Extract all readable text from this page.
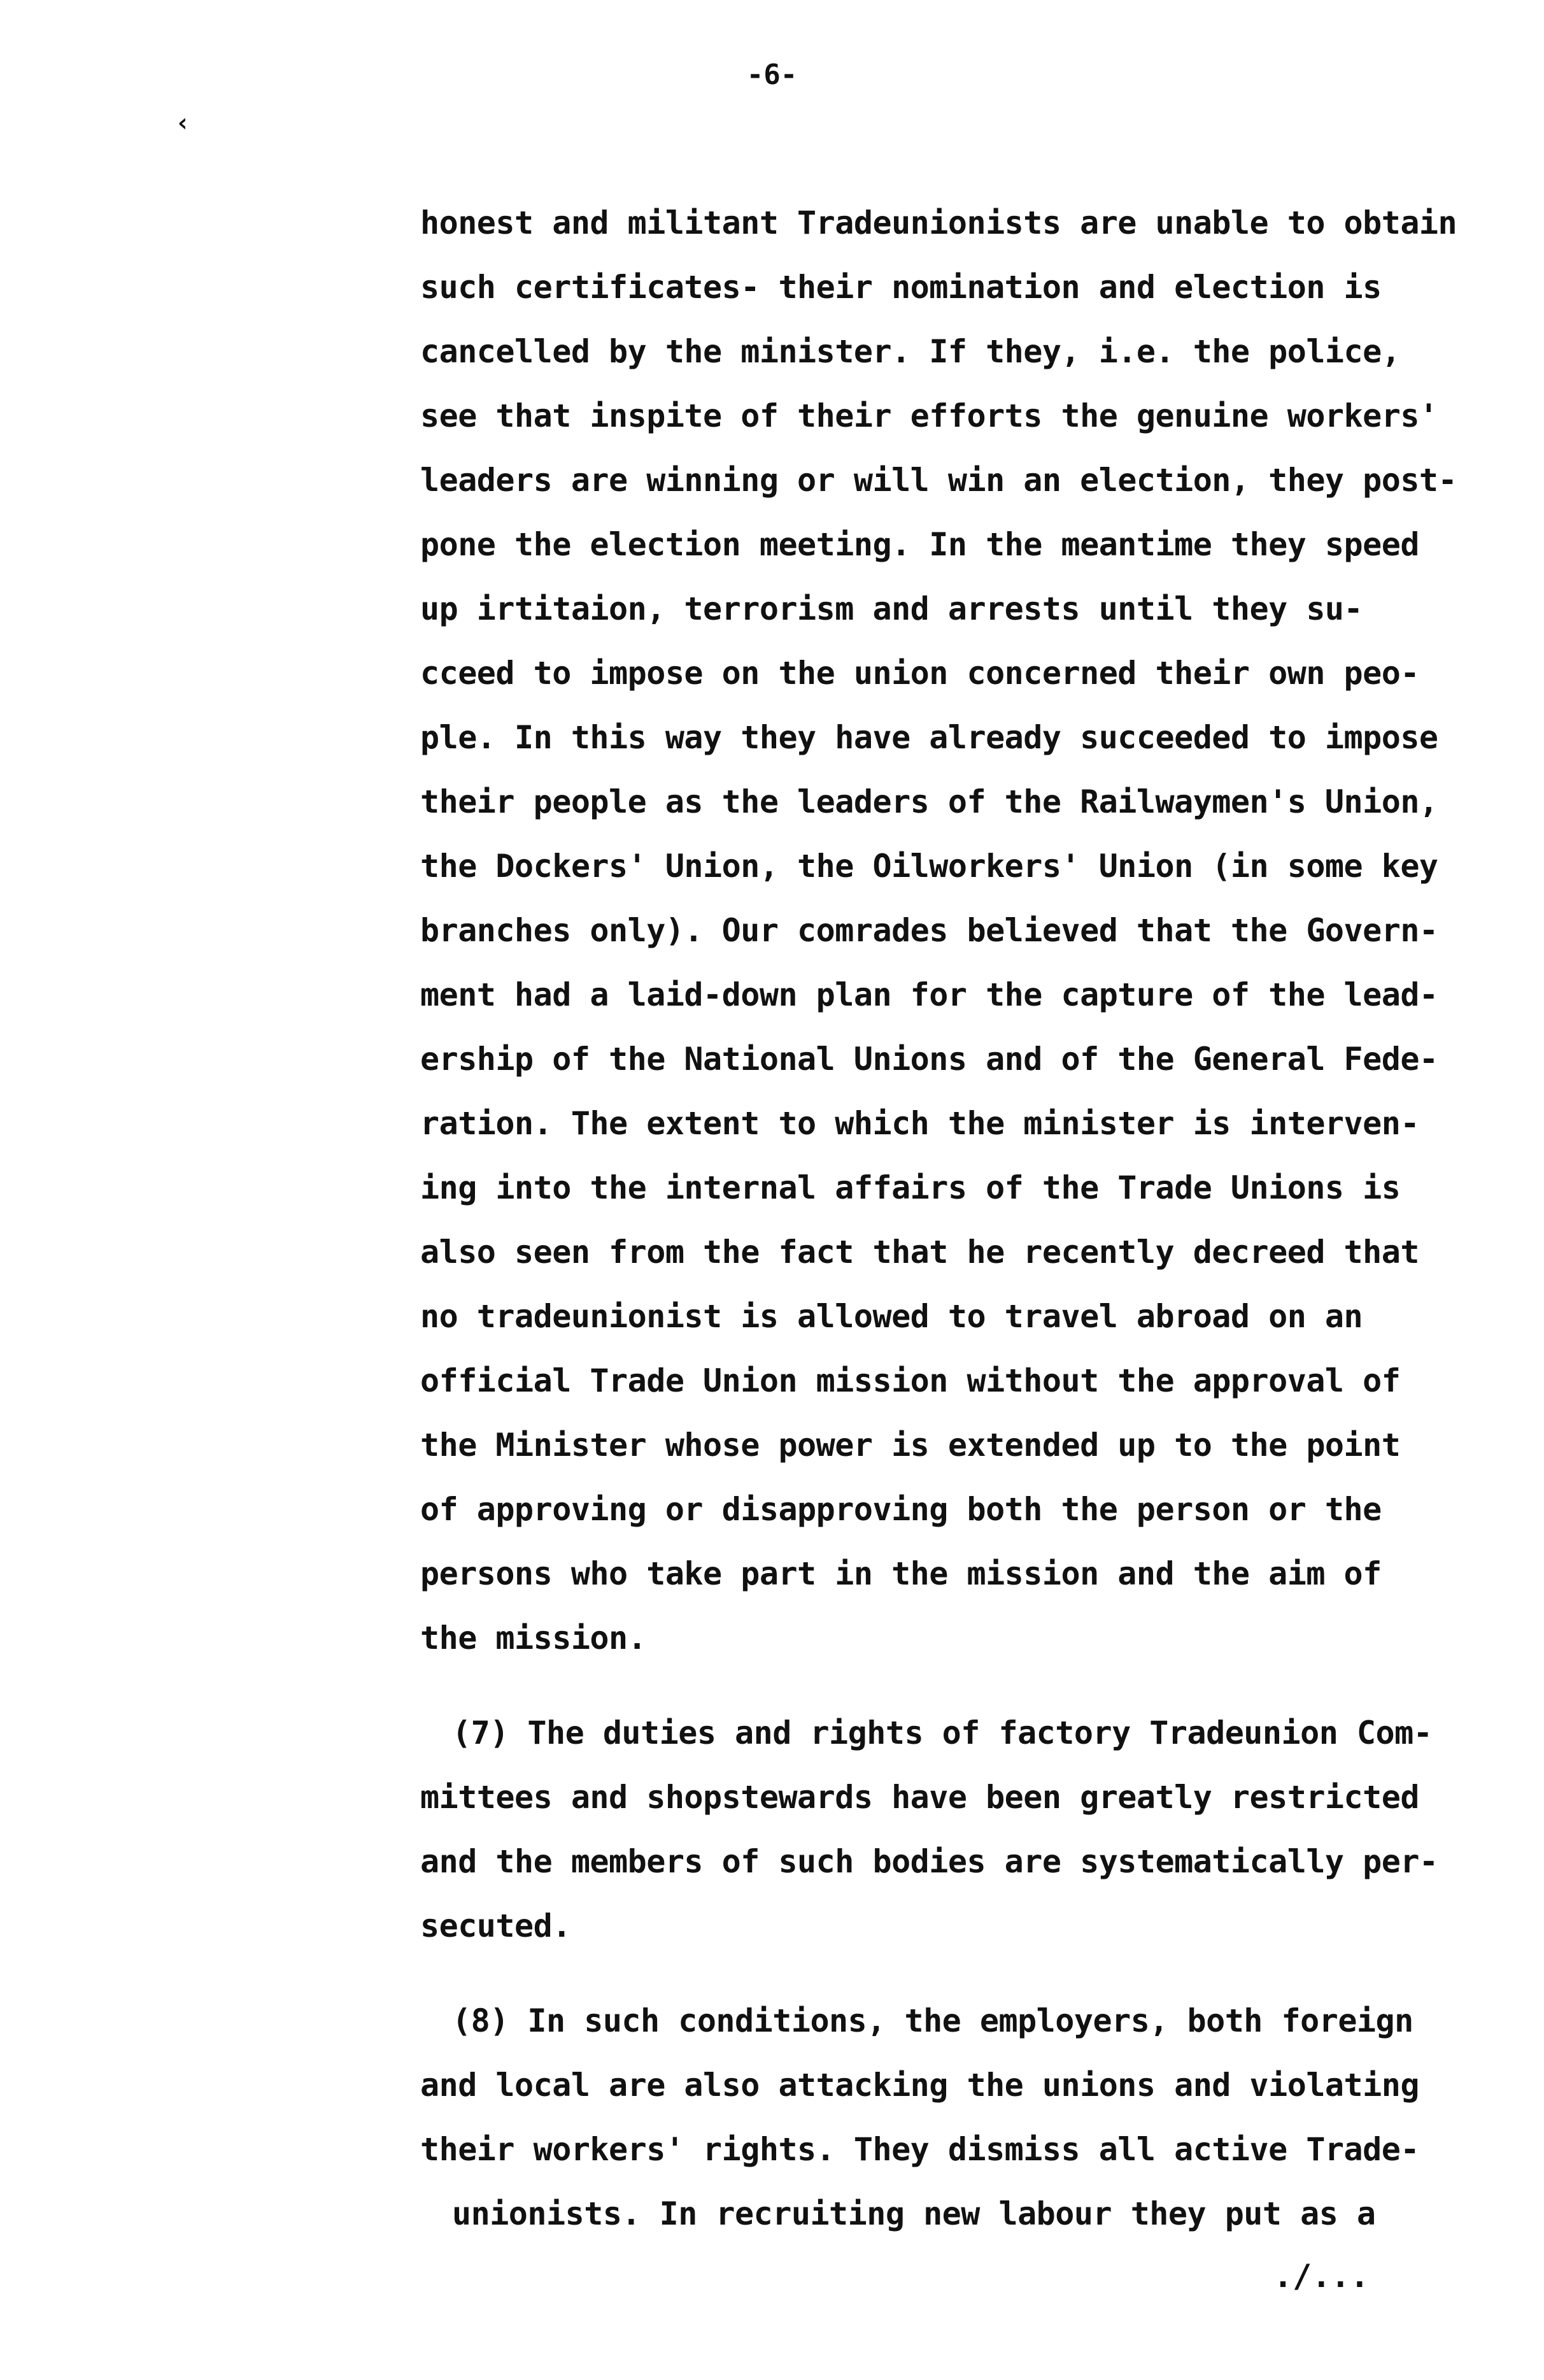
-6-
‹
honest and militant Tradeunionists are unable to obtain
such certificates- their nomination and election is
cancelled by the minister. If they, i.e. the police,
see that inspite of their efforts the genuine workers'
leaders are winning or will win an election, they post-
pone the election meeting. In the meantime they speed
up irtitaion, terrorism and arrests until they su-
cceed to impose on the union concerned their own peo-
ple. In this way they have already succeeded to impose
their people as the leaders of the Railwaymen's Union,
the Dockers' Union, the Oilworkers' Union (in some key
branches only). Our comrades believed that the Govern-
ment had a laid-down plan for the capture of the lead-
ership of the National Unions and of the General Fede-
ration. The extent to which the minister is interven-
ing into the internal affairs of the Trade Unions is
also seen from the fact that he recently decreed that
no tradeunionist is allowed to travel abroad on an
official Trade Union mission without the approval of
the Minister whose power is extended up to the point
of approving or disapproving both the person or the
persons who take part in the mission and the aim of
the mission.
(7) The duties and rights of factory Tradeunion Com-
mittees and shopstewards have been greatly restricted
and the members of such bodies are systematically per-
secuted.
(8) In such conditions, the employers, both foreign
and local are also attacking the unions and violating
their workers' rights. They dismiss all active Trade-
unionists. In recruiting new labour they put as a
./...
